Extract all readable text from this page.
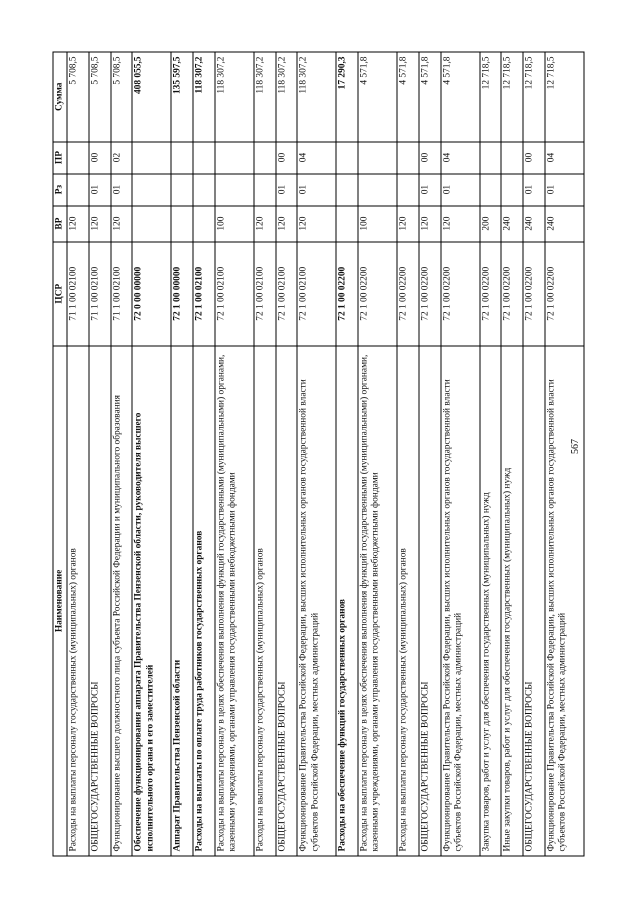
567
Наименование	ЦСР	ВР	Рз	ПР	Сумма
Расходы на выплаты персоналу государственных (муниципальных) органов	71 1 00 02100	120			5 708,5
ОБЩЕГОСУДАРСТВЕННЫЕ ВОПРОСЫ	71 1 00 02100	120	01	00	5 708,5
Функционирование высшего должностного лица субъекта Российской Федерации и муниципального образования	71 1 00 02100	120	01	02	5 708,5
Обеспечение функционирования аппарата Правительства Пензенской области, руководителя высшего исполнительного органа и его заместителей	72 0 00 00000				408 055,5
Аппарат Правительства Пензенской области	72 1 00 00000				135 597,5
Расходы на выплаты по оплате труда работников государственных органов	72 1 00 02100				118 307,2
Расходы на выплаты персоналу в целях обеспечения выполнения функций государственными (муниципальными) органами, казенными учреждениями, органами управления государственными внебюджетными фондами	72 1 00 02100	100			118 307,2
Расходы на выплаты персоналу государственных (муниципальных) органов	72 1 00 02100	120			118 307,2
ОБЩЕГОСУДАРСТВЕННЫЕ ВОПРОСЫ	72 1 00 02100	120	01	00	118 307,2
Функционирование Правительства Российской Федерации, высших исполнительных органов государственной власти субъектов Российской Федерации, местных администраций	72 1 00 02100	120	01	04	118 307,2
Расходы на обеспечение функций государственных органов	72 1 00 02200				17 290,3
Расходы на выплаты персоналу в целях обеспечения выполнения функций государственными (муниципальными) органами, казенными учреждениями, органами управления государственными внебюджетными фондами	72 1 00 02200	100			4 571,8
Расходы на выплаты персоналу государственных (муниципальных) органов	72 1 00 02200	120			4 571,8
ОБЩЕГОСУДАРСТВЕННЫЕ ВОПРОСЫ	72 1 00 02200	120	01	00	4 571,8
Функционирование Правительства Российской Федерации, высших исполнительных органов государственной власти субъектов Российской Федерации, местных администраций	72 1 00 02200	120	01	04	4 571,8
Закупка товаров, работ и услуг для обеспечения государственных (муниципальных) нужд	72 1 00 02200	200			12 718,5
Иные закупки товаров, работ и услуг для обеспечения государственных (муниципальных) нужд	72 1 00 02200	240			12 718,5
ОБЩЕГОСУДАРСТВЕННЫЕ ВОПРОСЫ	72 1 00 02200	240	01	00	12 718,5
Функционирование Правительства Российской Федерации, высших исполнительных органов государственной власти субъектов Российской Федерации, местных администраций	72 1 00 02200	240	01	04	12 718,5
